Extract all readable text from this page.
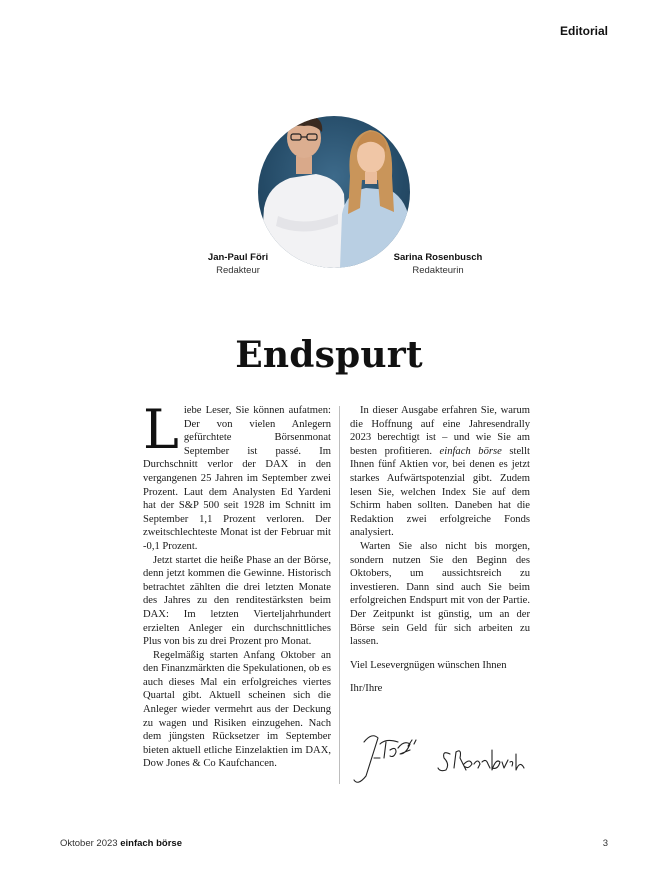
Editorial
Jan-Paul Föri
Redakteur
Sarina Rosenbusch
Redakteurin
Endspurt

Liebe Leser, Sie können aufatmen: Der von vielen Anlegern gefürchtete Börsenmonat September ist passé. Im Durchschnitt verlor der DAX in den vergangenen 25 Jahren im September zwei Prozent. Laut dem Analysten Ed Yardeni hat der S&P 500 seit 1928 im Schnitt im September 1,1 Prozent verloren. Der zweitschlechteste Monat ist der Februar mit -0,1 Prozent.

Jetzt startet die heiße Phase an der Börse, denn jetzt kommen die Gewinne. Historisch betrachtet zählten die drei letzten Monate des Jahres zu den renditestärksten beim DAX: Im letzten Vierteljahrhundert erzielten Anleger ein durchschnittliches Plus von bis zu drei Prozent pro Monat.

Regelmäßig starten Anfang Oktober an den Finanzmärkten die Spekulationen, ob es auch dieses Mal ein erfolgreiches viertes Quartal gibt. Aktuell scheinen sich die Anleger wieder vermehrt aus der Deckung zu wagen und Risiken einzugehen. Nach dem jüngsten Rücksetzer im September bieten aktuell etliche Einzelaktien im DAX, Dow Jones & Co Kaufchancen.

In dieser Ausgabe erfahren Sie, warum die Hoffnung auf eine Jahresendrally 2023 berechtigt ist – und wie Sie am besten profitieren. einfach börse stellt Ihnen fünf Aktien vor, bei denen es jetzt starkes Aufwärtspotenzial gibt. Zudem lesen Sie, welchen Index Sie auf dem Schirm haben sollten. Daneben hat die Redaktion zwei erfolgreiche Fonds analysiert.

Warten Sie also nicht bis morgen, sondern nutzen Sie den Beginn des Oktobers, um aussichtsreich zu investieren. Dann sind auch Sie beim erfolgreichen Endspurt mit von der Partie. Der Zeitpunkt ist günstig, um an der Börse sein Geld für sich arbeiten zu lassen.

Viel Lesevergnügen wünschen Ihnen

Ihr/Ihre

Oktober 2023 einfach börse	3
